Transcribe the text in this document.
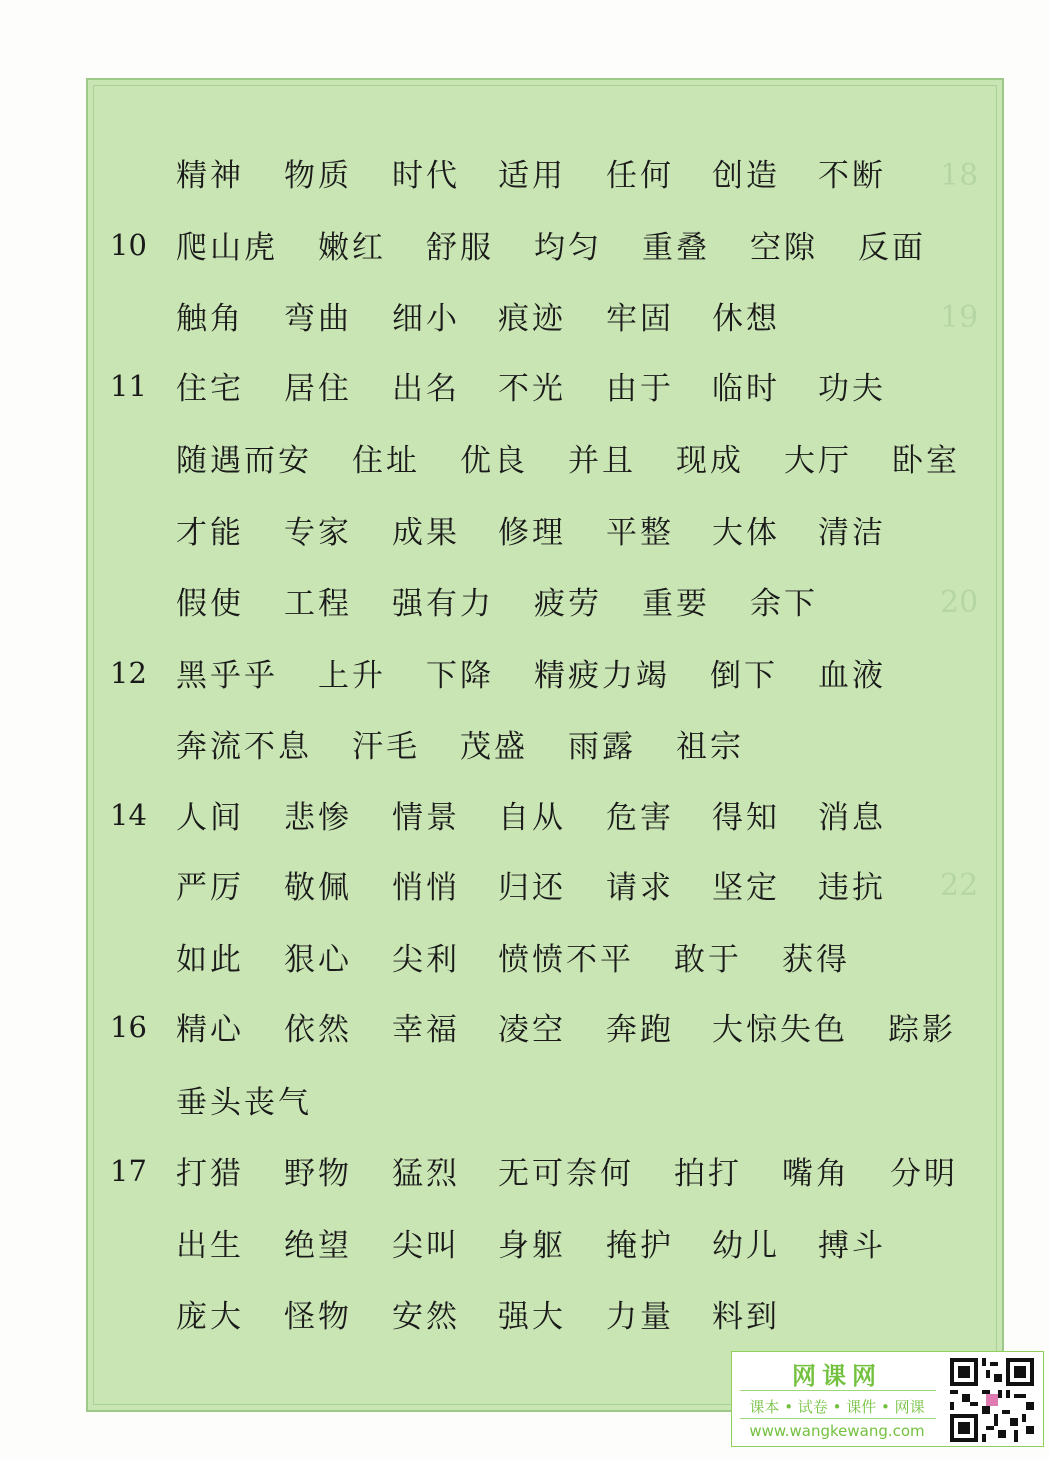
18
19
20
22
精神 物质 时代 适用 任何 创造 不断
10 爬山虎 嫩红 舒服 均匀 重叠 空隙 反面
触角 弯曲 细小 痕迹 牢固 休想
11 住宅 居住 出名 不光 由于 临时 功夫
随遇而安 住址 优良 并且 现成 大厅 卧室
才能 专家 成果 修理 平整 大体 清洁
假使 工程 强有力 疲劳 重要 余下
12 黑乎乎 上升 下降 精疲力竭 倒下 血液
奔流不息 汗毛 茂盛 雨露 祖宗
14 人间 悲惨 情景 自从 危害 得知 消息
严厉 敬佩 悄悄 归还 请求 坚定 违抗
如此 狠心 尖利 愤愤不平 敢于 获得
16 精心 依然 幸福 凌空 奔跑 大惊失色 踪影
垂头丧气
17 打猎 野物 猛烈 无可奈何 拍打 嘴角 分明
出生 绝望 尖叫 身躯 掩护 幼儿 搏斗
庞大 怪物 安然 强大 力量 料到
网课网
课本 • 试卷 • 课件 • 网课
www.wangkewang.com
